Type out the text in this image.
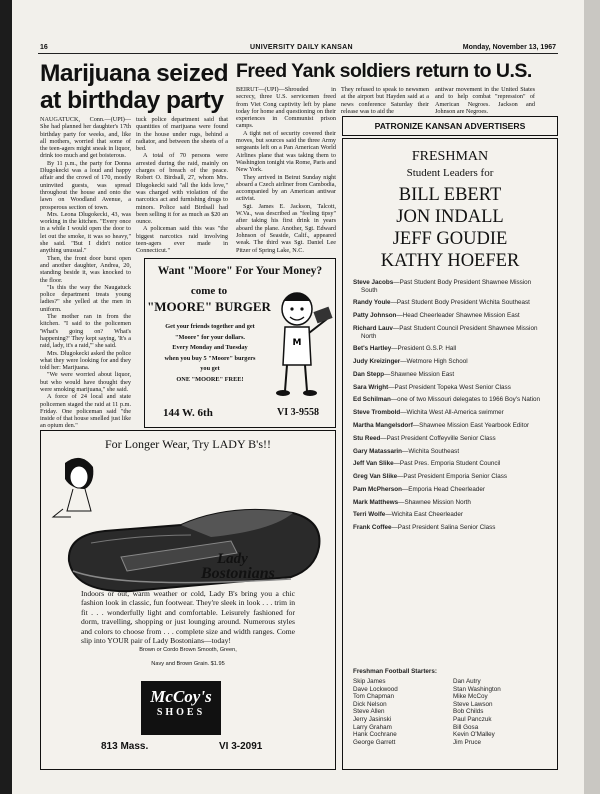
16	UNIVERSITY DAILY KANSAN	Monday, November 13, 1967
Marijuana seized at birthday party

NAUGATUCK, Conn.—(UPI)— She had planned her daughter's 17th birthday party for weeks, and, like all mothers, worried that some of the teen-agers might sneak in liquor, drink too much and get boisterous.

By 11 p.m., the party for Donna Dlugokecki was a loud and happy affair and the crowd of 170, mostly uninvited guests, was spread throughout the house and onto the lawn on Woodland Avenue, a prosperous section of town.

Mrs. Leona Dlugokecki, 43, was working in the kitchen. "Every once in a while I would open the door to let out the smoke, it was so heavy," she said. "But I didn't notice anything unusual."

Then, the front door burst open and another daughter, Andrea, 20, standing beside it, was knocked to the floor.

"Is this the way the Naugatuck police department treats young ladies?" she yelled at the men in uniform.

The mother ran in from the kitchen. "I said to the policemen 'What's going on? What's happening?' They kept saying, 'It's a raid, lady, it's a raid,'" she said.

Mrs. Dlugokecki asked the police what they were looking for and they told her: Marijuana.

"We were worried about liquor, but who would have thought they were smoking marijuana," she said.

A force of 24 local and state policemen staged the raid at 11 p.m. Friday. One policeman said "the inside of that house smelled just like an opium den."

tuck police department said that quantities of marijuana were found in the house under rugs, behind a radiator, and between the sheets of a bed.

A total of 70 persons were arrested during the raid, mainly on charges of breach of the peace. Robert O. Birdsall, 27, whom Mrs. Dlugokecki said "all the kids love," was charged with violation of the narcotics act and furnishing drugs to minors. Police said Birdsall had been selling it for as much as $20 an ounce.

A policeman said this was "the biggest narcotics raid involving teen-agers ever made in Connecticut."

Freed Yank soldiers return to U.S.

BEIRUT—(UPI)—Shrouded in secrecy, three U.S. servicemen freed from Viet Cong captivity left by plane today for home and questioning on their experiences in Communist prison camps.

A tight net of security covered their moves, but sources said the three Army sergeants left on a Pan American World Airlines plane that was taking them to Washington tonight via Rome, Paris and New York.

They arrived in Beirut Sunday night aboard a Czech airliner from Cambodia, accompanied by an American antiwar activist.

Sgt. James E. Jackson, Talcott, W.Va., was described as "feeling tipsy" after taking his first drink in years aboard the plane. Another, Sgt. Edward Johnson of Seaside, Calif., appeared weak. The third was Sgt. Daniel Lee Pitzer of Spring Lake, N.C.

They refused to speak to newsmen at the airport but Hayden said at a news conference Saturday their release was to aid the

antiwar movement in the United States and to help combat "repression" of American Negroes. Jackson and Johnson are Negroes.

Want "Moore" For Your Money?
come to
"MOORE" BURGER
Get your friends together and get
"Moore" for your dollars.
Every Monday and Tuesday
when you buy 5 "Moore" burgers
you get
ONE "MOORE" FREE!
144 W. 6th	VI 3-9558
M
For Longer Wear, Try LADY B's!!
Lady
Bostonians
Indoors or out, warm weather or cold, Lady B's bring you a chic fashion look in classic, fun footwear. They're sleek in look . . . trim in fit . . . wonderfully light and comfortable. Leisurely fashioned for dorm, travelling, shopping or just lounging around. Numerous styles and colors to choose from . . . complete size and width ranges. Come slip into YOUR pair of Lady Bostonians—today!
Brown or Cordo Brown Smooth, Green,
Navy and Brown Grain. $1.95
McCoy's
SHOES
813 Mass.	VI 3-2091
PATRONIZE KANSAN ADVERTISERS
FRESHMAN
Student Leaders for
BILL EBERT
JON INDALL
JEFF GOUDIE
KATHY HOEFER
Steve Jacobs—Past Student Body President Shawnee Mission South
Randy Youle—Past Student Body President Wichita Southeast
Patty Johnson—Head Cheerleader Shawnee Mission East
Richard Lauv—Past Student Council President Shawnee Mission North
Bet's Hartley—President G.S.P. Hall
Judy Kreizinger—Wetmore High School
Dan Stepp—Shawnee Mission East
Sara Wright—Past President Topeka West Senior Class
Ed Schilman—one of two Missouri delegates to 1966 Boy's Nation
Steve Trombold—Wichita West All-America swimmer
Martha Mangelsdorf—Shawnee Mission East Yearbook Editor
Stu Reed—Past President Coffeyville Senior Class
Gary Matassarin—Wichita Southeast
Jeff Van Slike—Past Pres. Emporia Student Council
Greg Van Slike—Past President Emporia Senior Class
Pam McPherson—Emporia Head Cheerleader
Mark Matthews—Shawnee Mission North
Terri Wolfe—Wichita East Cheerleader
Frank Coffee—Past President Salina Senior Class
Freshman Football Starters:
Skip James
Dave Lockwood
Tom Chapman
Dick Nelson
Steve Allen
Jerry Jasinski
Larry Graham
Hank Cochrane
George Garrett
Dan Autry
Stan Washington
Mike McCoy
Steve Lawson
Bob Childs
Paul Panczuk
Bill Gosa
Kevin O'Malley
Jim Pruce
